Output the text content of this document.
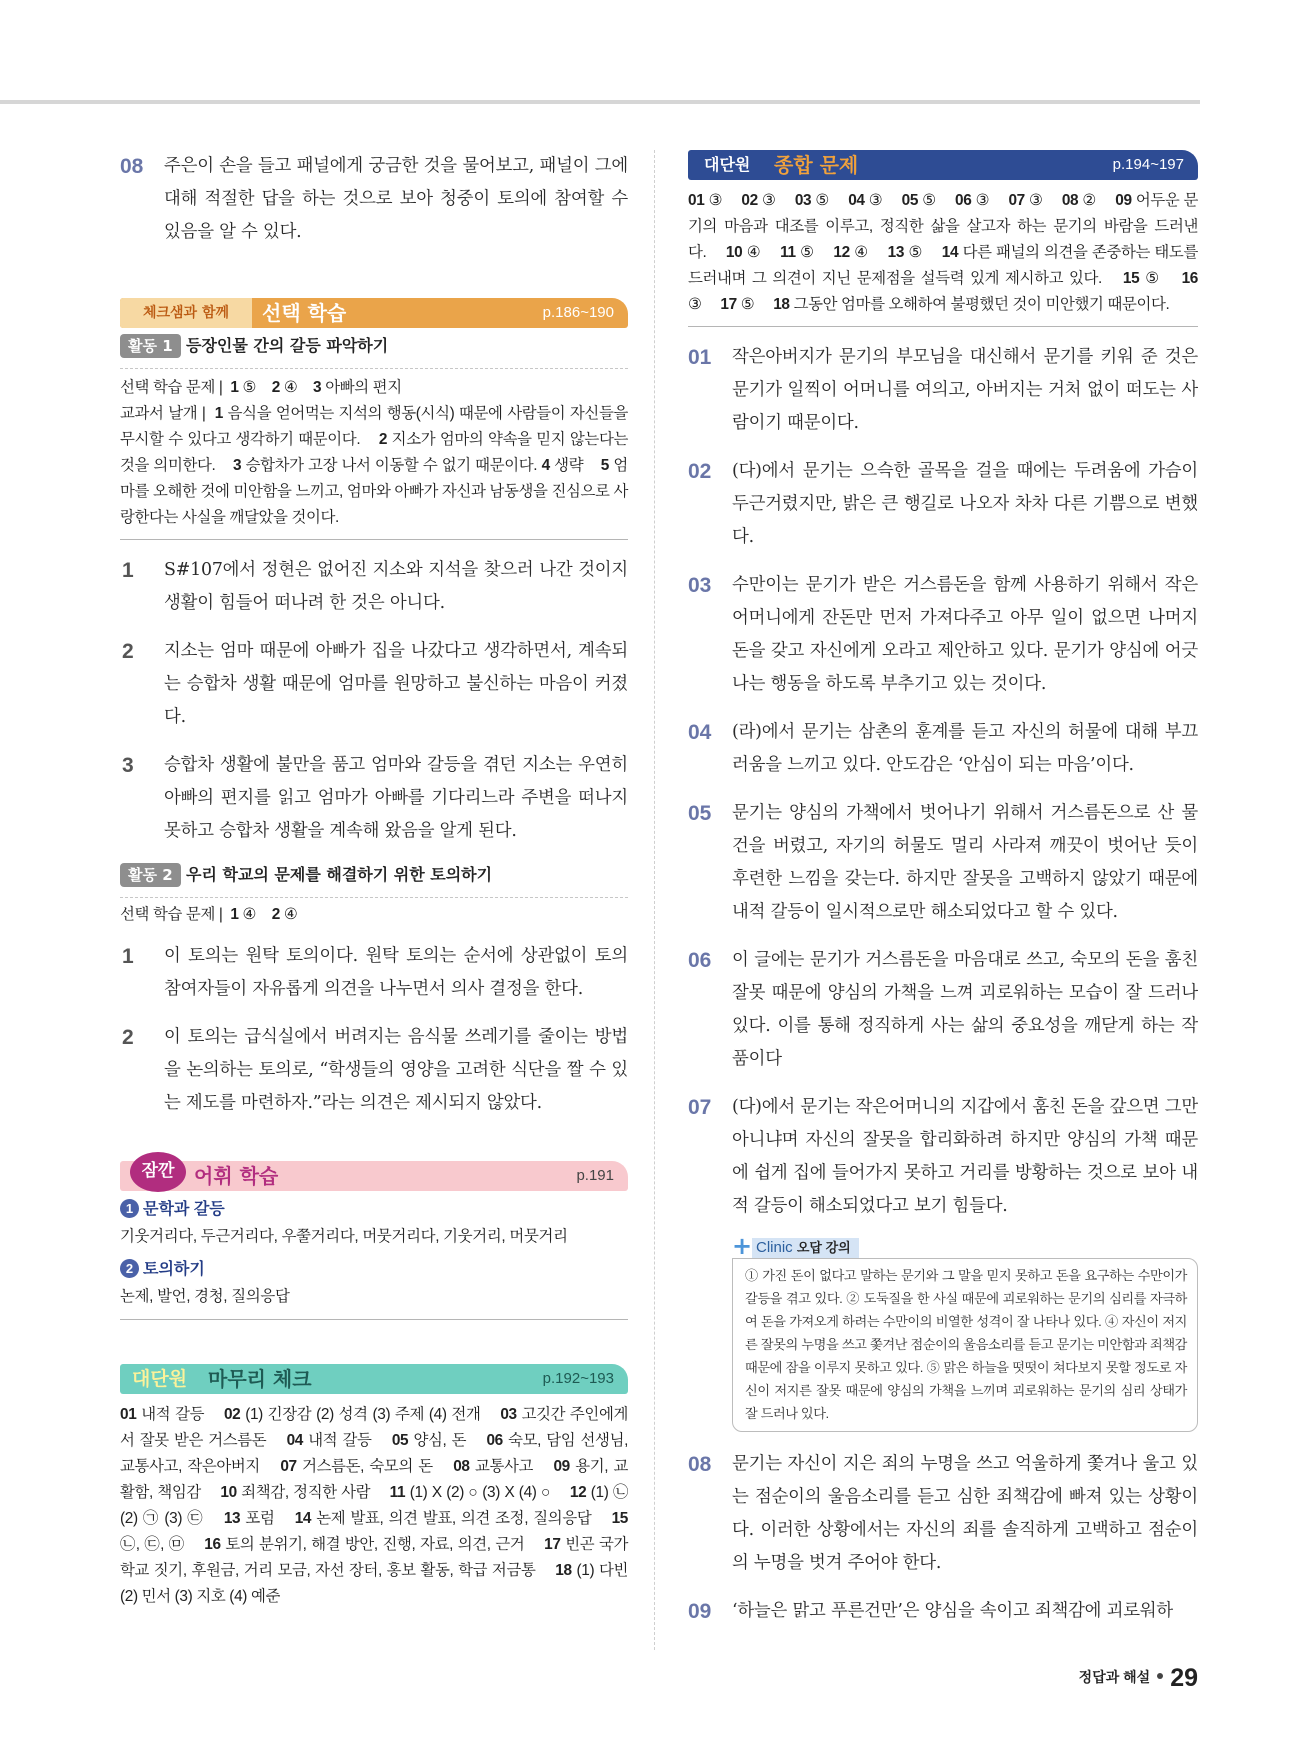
08 주은이 손을 들고 패널에게 궁금한 것을 물어보고, 패널이 그에 대해 적절한 답을 하는 것으로 보아 청중이 토의에 참여할 수 있음을 알 수 있다.
체크샘과 함께	선택 학습	p.186~190
활동 1 등장인물 간의 갈등 파악하기
선택 학습 문제 | 1 ⑤ 2 ④ 3 아빠의 편지
교과서 날개 | 1 음식을 얻어먹는 지석의 행동(시식) 때문에 사람들이 자신들을 무시할 수 있다고 생각하기 때문이다. 2 지소가 엄마의 약속을 믿지 않는다는 것을 의미한다. 3 승합차가 고장 나서 이동할 수 없기 때문이다. 4 생략 5 엄마를 오해한 것에 미안함을 느끼고, 엄마와 아빠가 자신과 남동생을 진심으로 사랑한다는 사실을 깨달았을 것이다.
1 S#107에서 정현은 없어진 지소와 지석을 찾으러 나간 것이지 생활이 힘들어 떠나려 한 것은 아니다.
2 지소는 엄마 때문에 아빠가 집을 나갔다고 생각하면서, 계속되는 승합차 생활 때문에 엄마를 원망하고 불신하는 마음이 커졌다.
3 승합차 생활에 불만을 품고 엄마와 갈등을 겪던 지소는 우연히 아빠의 편지를 읽고 엄마가 아빠를 기다리느라 주변을 떠나지 못하고 승합차 생활을 계속해 왔음을 알게 된다.
활동 2 우리 학교의 문제를 해결하기 위한 토의하기
선택 학습 문제 | 1 ④ 2 ④
1 이 토의는 원탁 토의이다. 원탁 토의는 순서에 상관없이 토의 참여자들이 자유롭게 의견을 나누면서 의사 결정을 한다.
2 이 토의는 급식실에서 버려지는 음식물 쓰레기를 줄이는 방법을 논의하는 토의로, “학생들의 영양을 고려한 식단을 짤 수 있는 제도를 마련하자.”라는 의견은 제시되지 않았다.
잠깐 어휘 학습	p.191
1 문학과 갈등
기웃거리다, 두근거리다, 우쭐거리다, 머뭇거리다, 기웃거리, 머뭇거리
2 토의하기
논제, 발언, 경청, 질의응답
대단원 마무리 체크	p.192~193
01 내적 갈등  02 (1) 긴장감 (2) 성격 (3) 주제 (4) 전개  03 고깃간 주인에게서 잘못 받은 거스름돈  04 내적 갈등  05 양심, 돈  06 숙모, 담임 선생님, 교통사고, 작은아버지  07 거스름돈, 숙모의 돈  08 교통사고  09 용기, 교활함, 책임감  10 죄책감, 정직한 사람  11 (1) X (2) ○ (3) X (4) ○  12 (1) ㉡ (2) ㉠ (3) ㉢  13 포럼  14 논제 발표, 의견 발표, 의견 조정, 질의응답  15 ㉡, ㉢, ㉤  16 토의 분위기, 해결 방안, 진행, 자료, 의견, 근거  17 빈곤 국가 학교 짓기, 후원금, 거리 모금, 자선 장터, 홍보 활동, 학급 저금통  18 (1) 다빈 (2) 민서 (3) 지호 (4) 예준 
대단원 종합 문제	p.194~197
01 ③  02 ③  03 ⑤  04 ③  05 ⑤  06 ③  07 ③  08 ②  09 어두운 문기의 마음과 대조를 이루고, 정직한 삶을 살고자 하는 문기의 바람을 드러낸다.  10 ④  11 ⑤  12 ④  13 ⑤  14 다른 패널의 의견을 존중하는 태도를 드러내며 그 의견이 지닌 문제점을 설득력 있게 제시하고 있다.  15 ⑤  16 ③  17 ⑤  18 그동안 엄마를 오해하여 불평했던 것이 미안했기 때문이다. 
01 작은아버지가 문기의 부모님을 대신해서 문기를 키워 준 것은 문기가 일찍이 어머니를 여의고, 아버지는 거처 없이 떠도는 사람이기 때문이다.
02 (다)에서 문기는 으슥한 골목을 걸을 때에는 두려움에 가슴이 두근거렸지만, 밝은 큰 행길로 나오자 차차 다른 기쁨으로 변했다.
03 수만이는 문기가 받은 거스름돈을 함께 사용하기 위해서 작은어머니에게 잔돈만 먼저 가져다주고 아무 일이 없으면 나머지 돈을 갖고 자신에게 오라고 제안하고 있다. 문기가 양심에 어긋나는 행동을 하도록 부추기고 있는 것이다.
04 (라)에서 문기는 삼촌의 훈계를 듣고 자신의 허물에 대해 부끄러움을 느끼고 있다. 안도감은 ‘안심이 되는 마음’이다.
05 문기는 양심의 가책에서 벗어나기 위해서 거스름돈으로 산 물건을 버렸고, 자기의 허물도 멀리 사라져 깨끗이 벗어난 듯이 후련한 느낌을 갖는다. 하지만 잘못을 고백하지 않았기 때문에 내적 갈등이 일시적으로만 해소되었다고 할 수 있다.
06 이 글에는 문기가 거스름돈을 마음대로 쓰고, 숙모의 돈을 훔친 잘못 때문에 양심의 가책을 느껴 괴로워하는 모습이 잘 드러나 있다. 이를 통해 정직하게 사는 삶의 중요성을 깨닫게 하는 작품이다
07 (다)에서 문기는 작은어머니의 지갑에서 훔친 돈을 갚으면 그만 아니냐며 자신의 잘못을 합리화하려 하지만 양심의 가책 때문에 쉽게 집에 들어가지 못하고 거리를 방황하는 것으로 보아 내적 갈등이 해소되었다고 보기 힘들다.
+ Clinic 오답 강의
① 가진 돈이 없다고 말하는 문기와 그 말을 믿지 못하고 돈을 요구하는 수만이가 갈등을 겪고 있다. ② 도둑질을 한 사실 때문에 괴로워하는 문기의 심리를 자극하여 돈을 가져오게 하려는 수만이의 비열한 성격이 잘 나타나 있다. ④ 자신이 저지른 잘못의 누명을 쓰고 쫓겨난 점순이의 울음소리를 듣고 문기는 미안함과 죄책감 때문에 잠을 이루지 못하고 있다. ⑤ 맑은 하늘을 떳떳이 쳐다보지 못할 정도로 자신이 저지른 잘못 때문에 양심의 가책을 느끼며 괴로워하는 문기의 심리 상태가 잘 드러나 있다.
08 문기는 자신이 지은 죄의 누명을 쓰고 억울하게 쫓겨나 울고 있는 점순이의 울음소리를 듣고 심한 죄책감에 빠져 있는 상황이다. 이러한 상황에서는 자신의 죄를 솔직하게 고백하고 점순이의 누명을 벗겨 주어야 한다.
09 ‘하늘은 맑고 푸른건만’은 양심을 속이고 죄책감에 괴로워하
정답과 해설 29
